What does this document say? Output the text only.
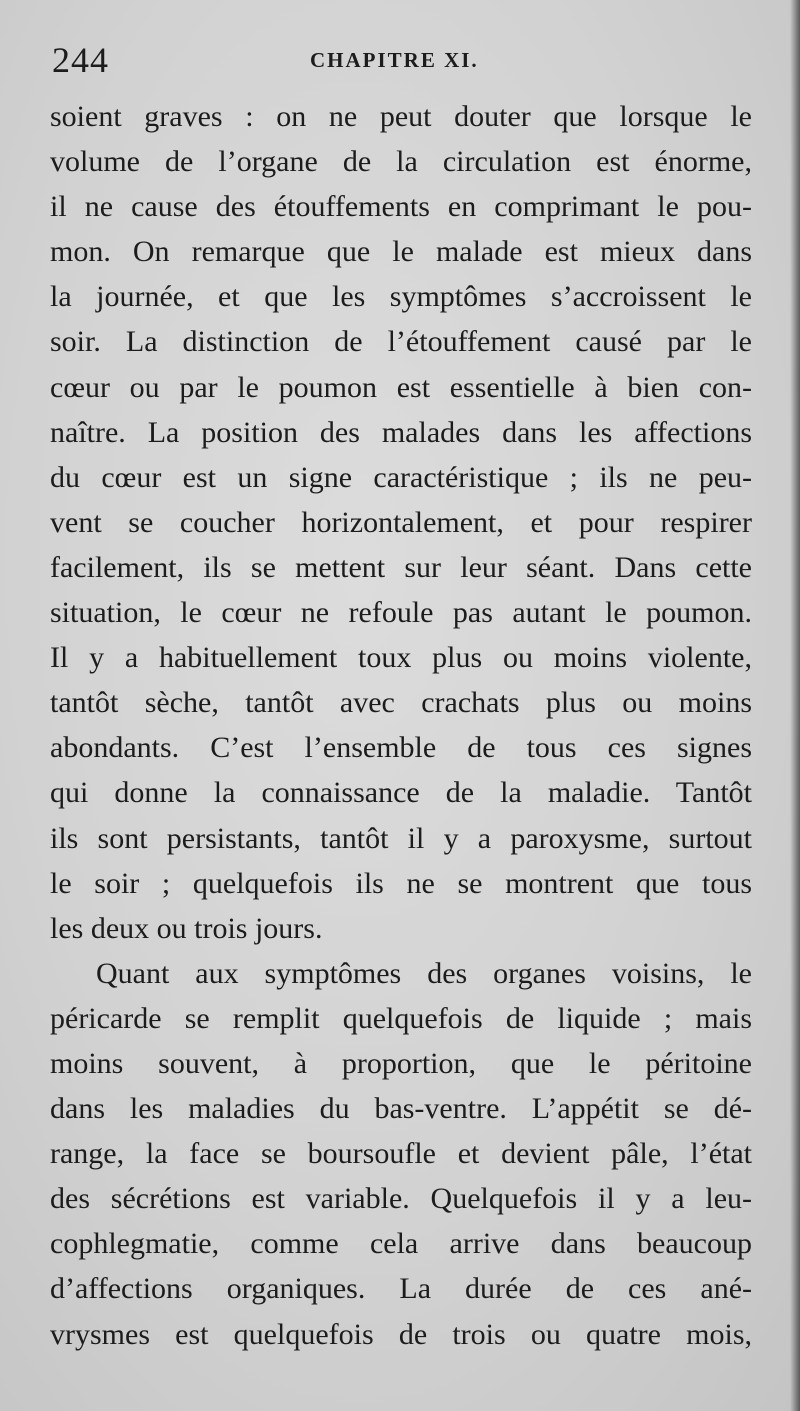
244	CHAPITRE XI.
soient graves : on ne peut douter que lorsque le
volume de l’organe de la circulation est énorme,
il ne cause des étouffements en comprimant le pou-
mon. On remarque que le malade est mieux dans
la journée, et que les symptômes s’accroissent le
soir. La distinction de l’étouffement causé par le
cœur ou par le poumon est essentielle à bien con-
naître. La position des malades dans les affections
du cœur est un signe caractéristique ; ils ne peu-
vent se coucher horizontalement, et pour respirer
facilement, ils se mettent sur leur séant. Dans cette
situation, le cœur ne refoule pas autant le poumon.
Il y a habituellement toux plus ou moins violente,
tantôt sèche, tantôt avec crachats plus ou moins
abondants. C’est l’ensemble de tous ces signes
qui donne la connaissance de la maladie. Tantôt
ils sont persistants, tantôt il y a paroxysme, surtout
le soir ; quelquefois ils ne se montrent que tous
les deux ou trois jours.
Quant aux symptômes des organes voisins, le
péricarde se remplit quelquefois de liquide ; mais
moins souvent, à proportion, que le péritoine
dans les maladies du bas-ventre. L’appétit se dé-
range, la face se boursoufle et devient pâle, l’état
des sécrétions est variable. Quelquefois il y a leu-
cophlegmatie, comme cela arrive dans beaucoup
d’affections organiques. La durée de ces ané-
vrysmes est quelquefois de trois ou quatre mois,
